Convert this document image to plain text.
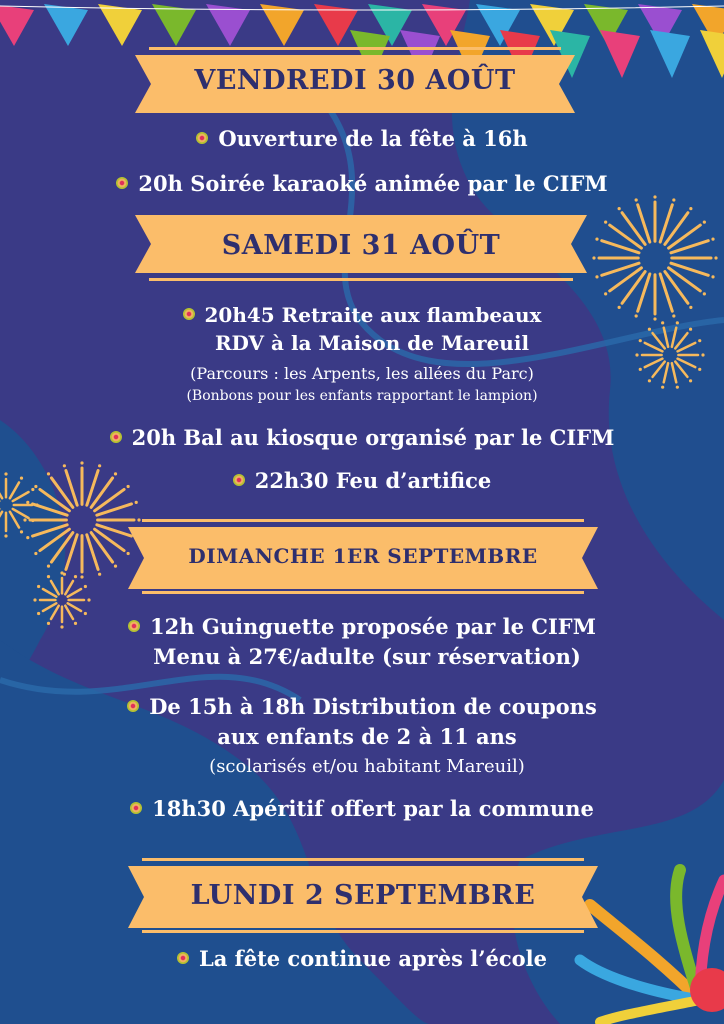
VENDREDI 30 AOÛT
Ouverture de la fête à 16h
20h Soirée karaoké animée par le CIFM
SAMEDI 31 AOÛT
20h45 Retraite aux flambeaux
RDV à la Maison de Mareuil
(Parcours : les Arpents, les allées du Parc)
(Bonbons pour les enfants rapportant le lampion)
20h Bal au kiosque organisé par le CIFM
22h30 Feu d’artifice
DIMANCHE 1ER SEPTEMBRE
12h Guinguette proposée par le CIFM
Menu à 27€/adulte (sur réservation)
De 15h à 18h Distribution de coupons
aux enfants de 2 à 11 ans
(scolarisés et/ou habitant Mareuil)
18h30 Apéritif offert par la commune
LUNDI 2 SEPTEMBRE
La fête continue après l’école
